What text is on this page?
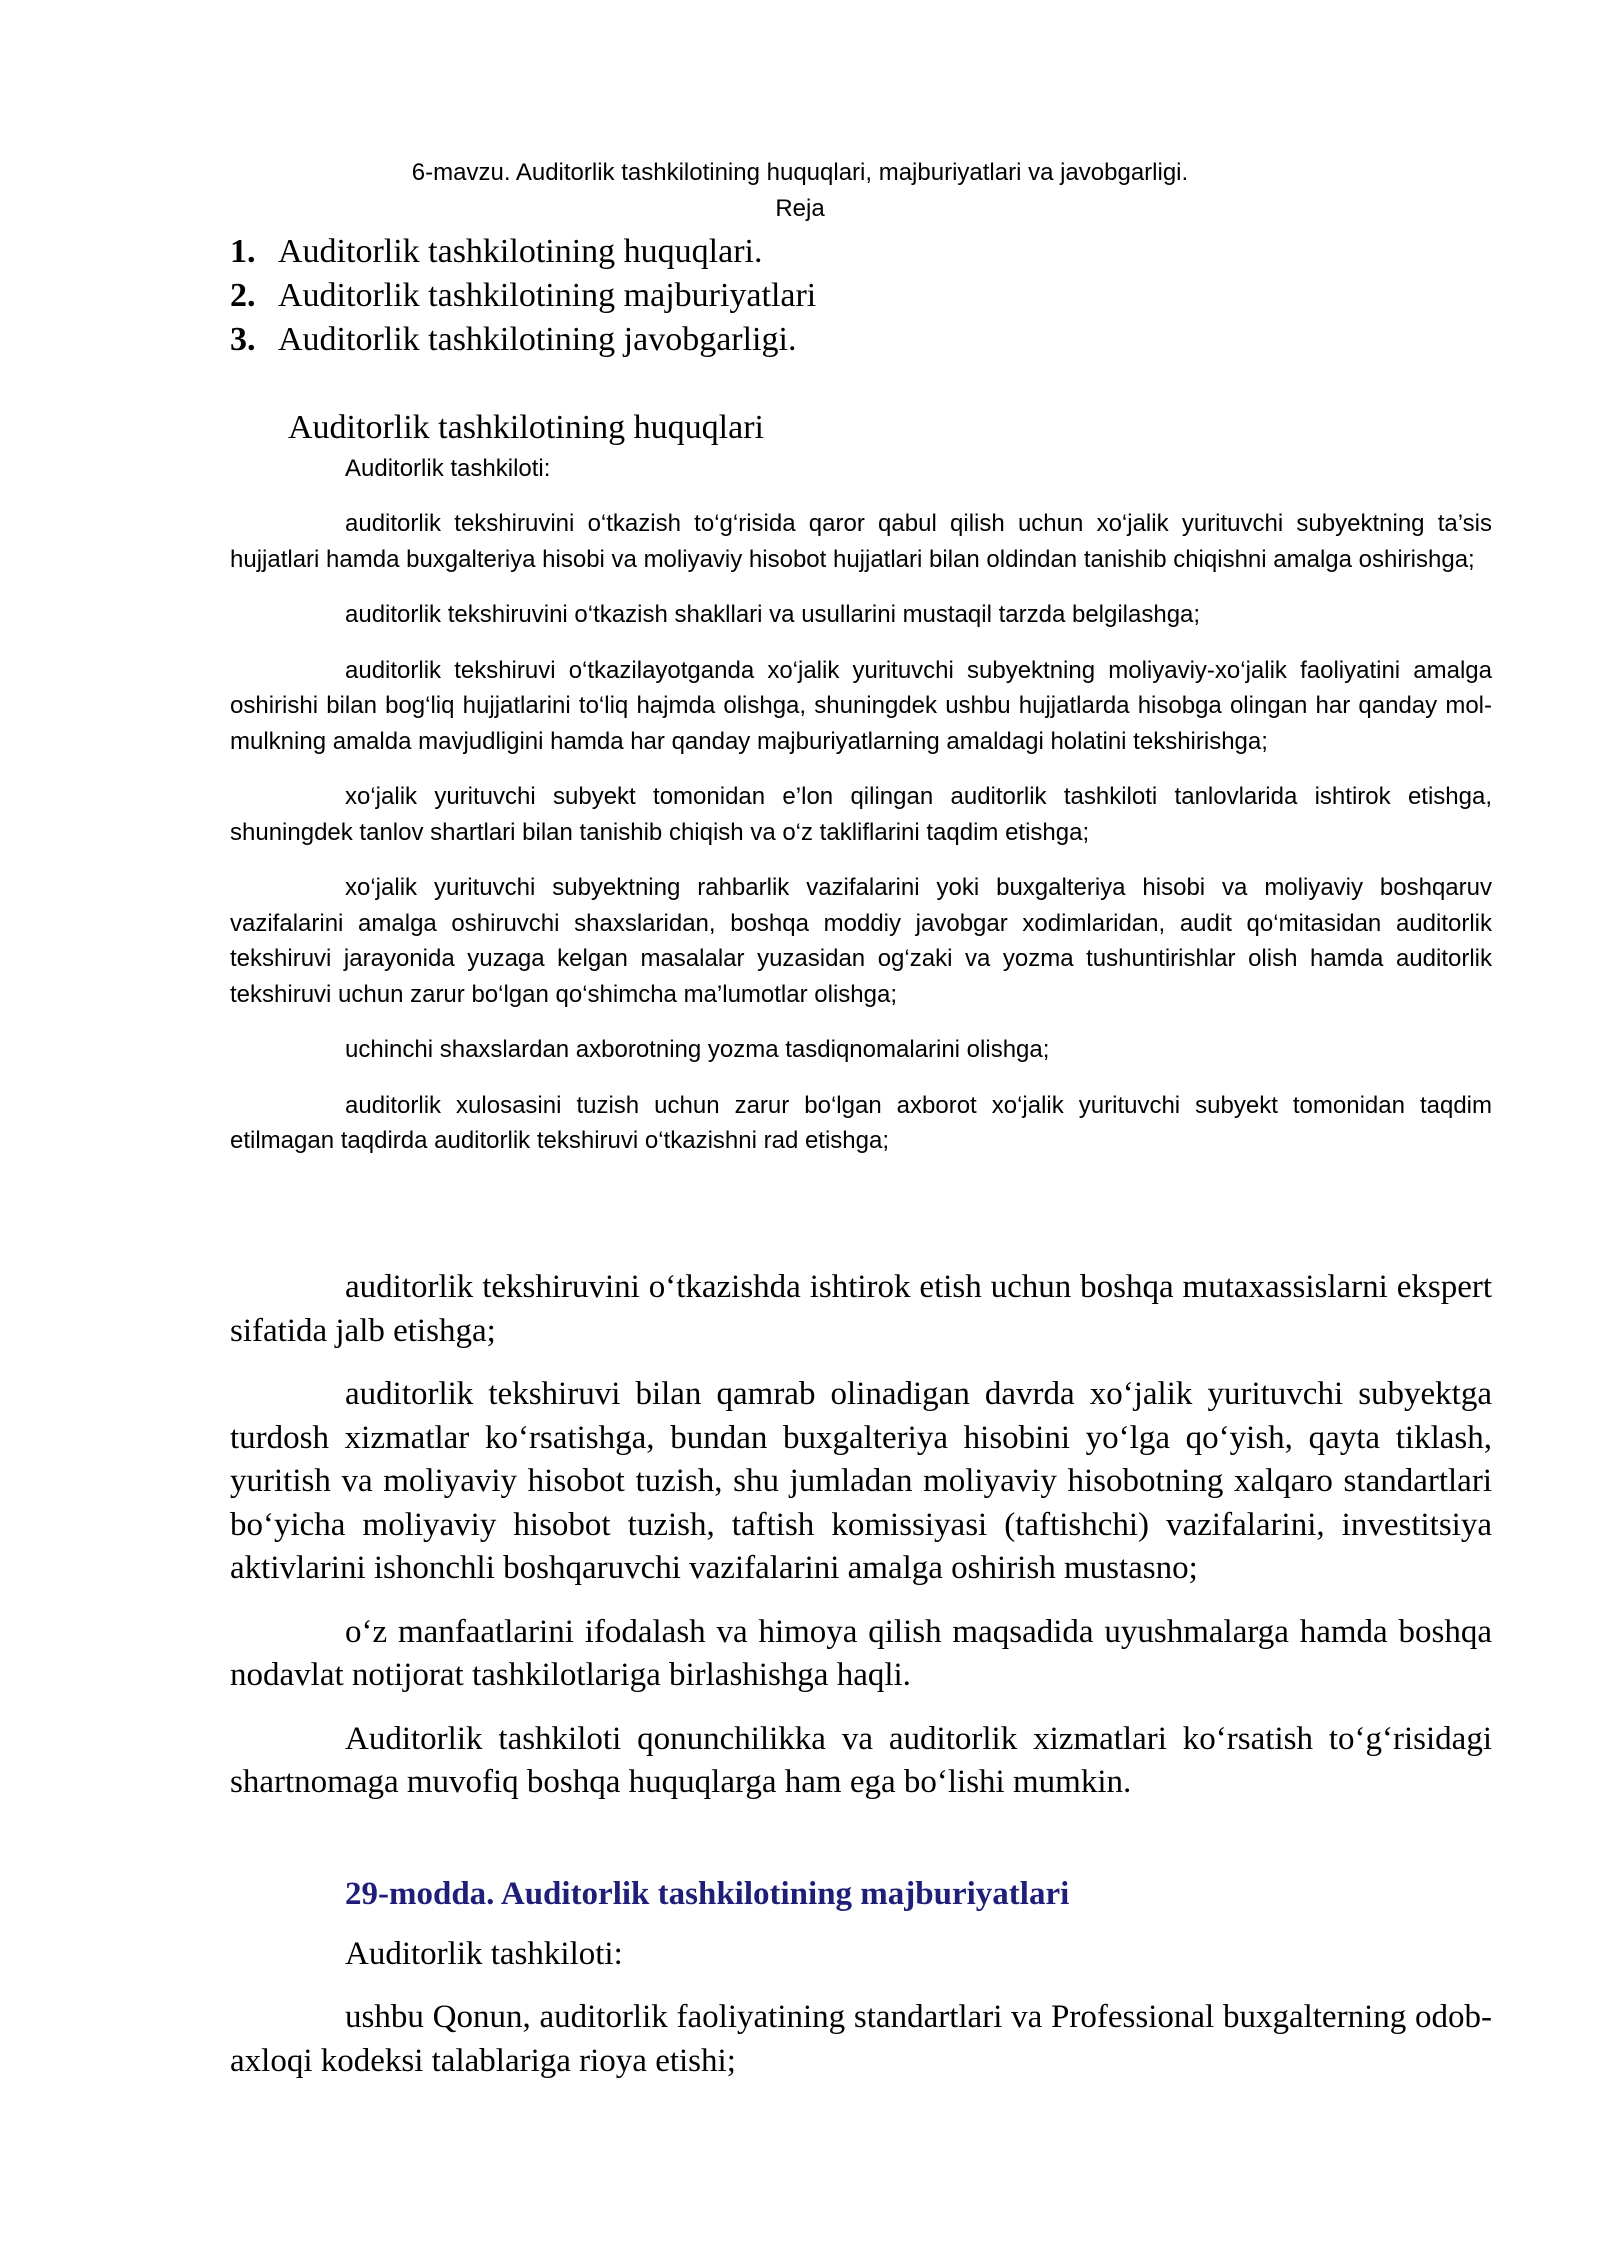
6-mavzu. Auditorlik tashkilotining huquqlari, majburiyatlari va javobgarligi.
Reja
1. Auditorlik tashkilotining huquqlari.
2. Auditorlik tashkilotining majburiyatlari
3. Auditorlik tashkilotining javobgarligi.
Auditorlik tashkilotining huquqlari
Auditorlik tashkiloti:

auditorlik tekshiruvini o‘tkazish to‘g‘risida qaror qabul qilish uchun xo‘jalik yurituvchi subyektning ta’sis hujjatlari hamda buxgalteriya hisobi va moliyaviy hisobot hujjatlari bilan oldindan tanishib chiqishni amalga oshirishga;

auditorlik tekshiruvini o‘tkazish shakllari va usullarini mustaqil tarzda belgilashga;

auditorlik tekshiruvi o‘tkazilayotganda xo‘jalik yurituvchi subyektning moliyaviy-xo‘jalik faoliyatini amalga oshirishi bilan bog‘liq hujjatlarini to‘liq hajmda olishga, shuningdek ushbu hujjatlarda hisobga olingan har qanday mol-mulkning amalda mavjudligini hamda har qanday majburiyatlarning amaldagi holatini tekshirishga;

xo‘jalik yurituvchi subyekt tomonidan e’lon qilingan auditorlik tashkiloti tanlovlarida ishtirok etishga, shuningdek tanlov shartlari bilan tanishib chiqish va o‘z takliflarini taqdim etishga;

xo‘jalik yurituvchi subyektning rahbarlik vazifalarini yoki buxgalteriya hisobi va moliyaviy boshqaruv vazifalarini amalga oshiruvchi shaxslaridan, boshqa moddiy javobgar xodimlaridan, audit qo‘mitasidan auditorlik tekshiruvi jarayonida yuzaga kelgan masalalar yuzasidan og‘zaki va yozma tushuntirishlar olish hamda auditorlik tekshiruvi uchun zarur bo‘lgan qo‘shimcha ma’lumotlar olishga;

uchinchi shaxslardan axborotning yozma tasdiqnomalarini olishga;

auditorlik xulosasini tuzish uchun zarur bo‘lgan axborot xo‘jalik yurituvchi subyekt tomonidan taqdim etilmagan taqdirda auditorlik tekshiruvi o‘tkazishni rad etishga;

auditorlik tekshiruvini o‘tkazishda ishtirok etish uchun boshqa mutaxassislarni ekspert sifatida jalb etishga;

auditorlik tekshiruvi bilan qamrab olinadigan davrda xo‘jalik yurituvchi subyektga turdosh xizmatlar ko‘rsatishga, bundan buxgalteriya hisobini yo‘lga qo‘yish, qayta tiklash, yuritish va moliyaviy hisobot tuzish, shu jumladan moliyaviy hisobotning xalqaro standartlari bo‘yicha moliyaviy hisobot tuzish, taftish komissiyasi (taftishchi) vazifalarini, investitsiya aktivlarini ishonchli boshqaruvchi vazifalarini amalga oshirish mustasno;

o‘z manfaatlarini ifodalash va himoya qilish maqsadida uyushmalarga hamda boshqa nodavlat notijorat tashkilotlariga birlashishga haqli.

Auditorlik tashkiloti qonunchilikka va auditorlik xizmatlari ko‘rsatish to‘g‘risidagi shartnomaga muvofiq boshqa huquqlarga ham ega bo‘lishi mumkin.

29-modda. Auditorlik tashkilotining majburiyatlari
Auditorlik tashkiloti:

ushbu Qonun, auditorlik faoliyatining standartlari va Professional buxgalterning odob-axloqi kodeksi talablariga rioya etishi;
